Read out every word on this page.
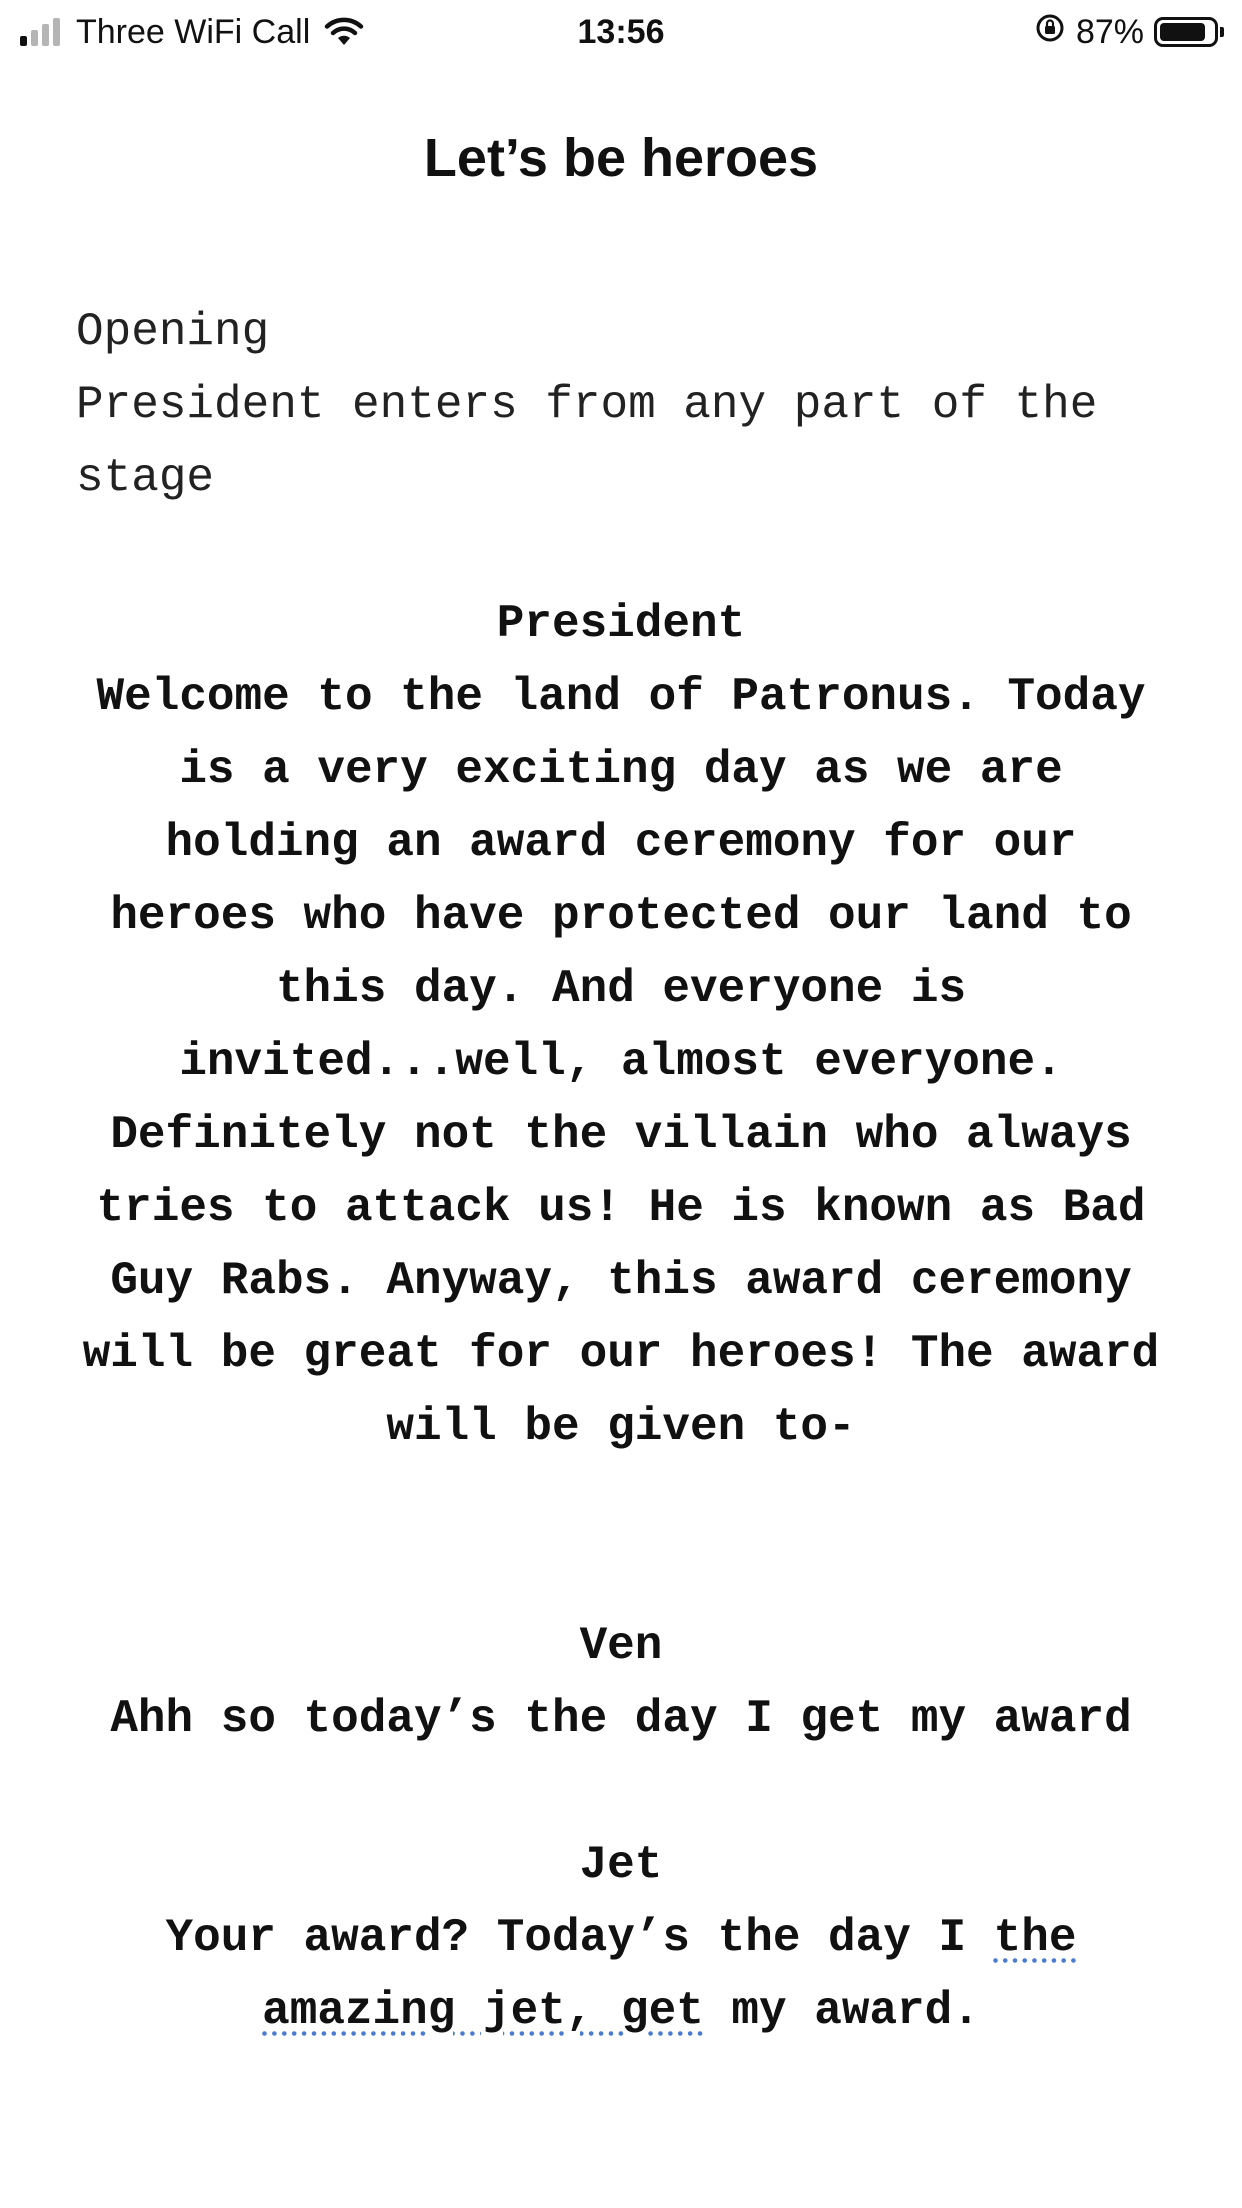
Three WiFi Call	13:56	87%
Let’s be heroes
Opening
President enters from any part of the stage
President
Welcome to the land of Patronus. Today is a very exciting day as we are holding an award ceremony for our heroes who have protected our land to this day. And everyone is invited...well, almost everyone. Definitely not the villain who always tries to attack us! He is known as Bad Guy Rabs. Anyway, this award ceremony will be great for our heroes! The award will be given to-
Ven
Ahh so today’s the day I get my award
Jet
Your award? Today’s the day I the amazing jet, get my award.
